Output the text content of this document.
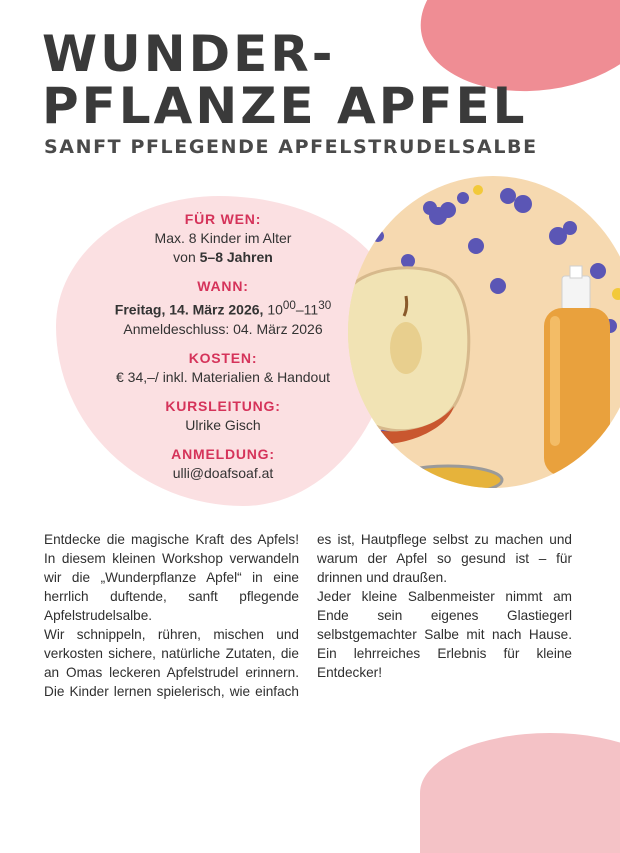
WUNDER-
PFLANZE APFEL
SANFT PFLEGENDE APFELSTRUDELSALBE
FÜR WEN:
Max. 8 Kinder im Alter
von 5–8 Jahren
WANN:
Freitag, 14. März 2026, $10^{00}-11^{30}$
Anmeldeschluss: 04. März 2026
KOSTEN:
€ 34,–/ inkl. Materialien & Handout
KURSLEITUNG:
Ulrike Gisch
ANMELDUNG:
ulli@doafsoaf.at

Entdecke die magische Kraft des Apfels! In diesem kleinen Workshop verwandeln wir die „Wunderpflanze Apfel“ in eine herrlich duftende, sanft pflegende Apfelstrudelsalbe.

Wir schnippeln, rühren, mischen und verkosten sichere, natürliche Zutaten, die an Omas leckeren Apfelstrudel erinnern. Die Kinder lernen spielerisch, wie einfach es ist, Hautpflege selbst zu machen und warum der Apfel so gesund ist – für drinnen und draußen.

Jeder kleine Salbenmeister nimmt am Ende sein eigenes Glastiegerl selbstgemachter Salbe mit nach Hause. Ein lehrreiches Erlebnis für kleine Entdecker!
